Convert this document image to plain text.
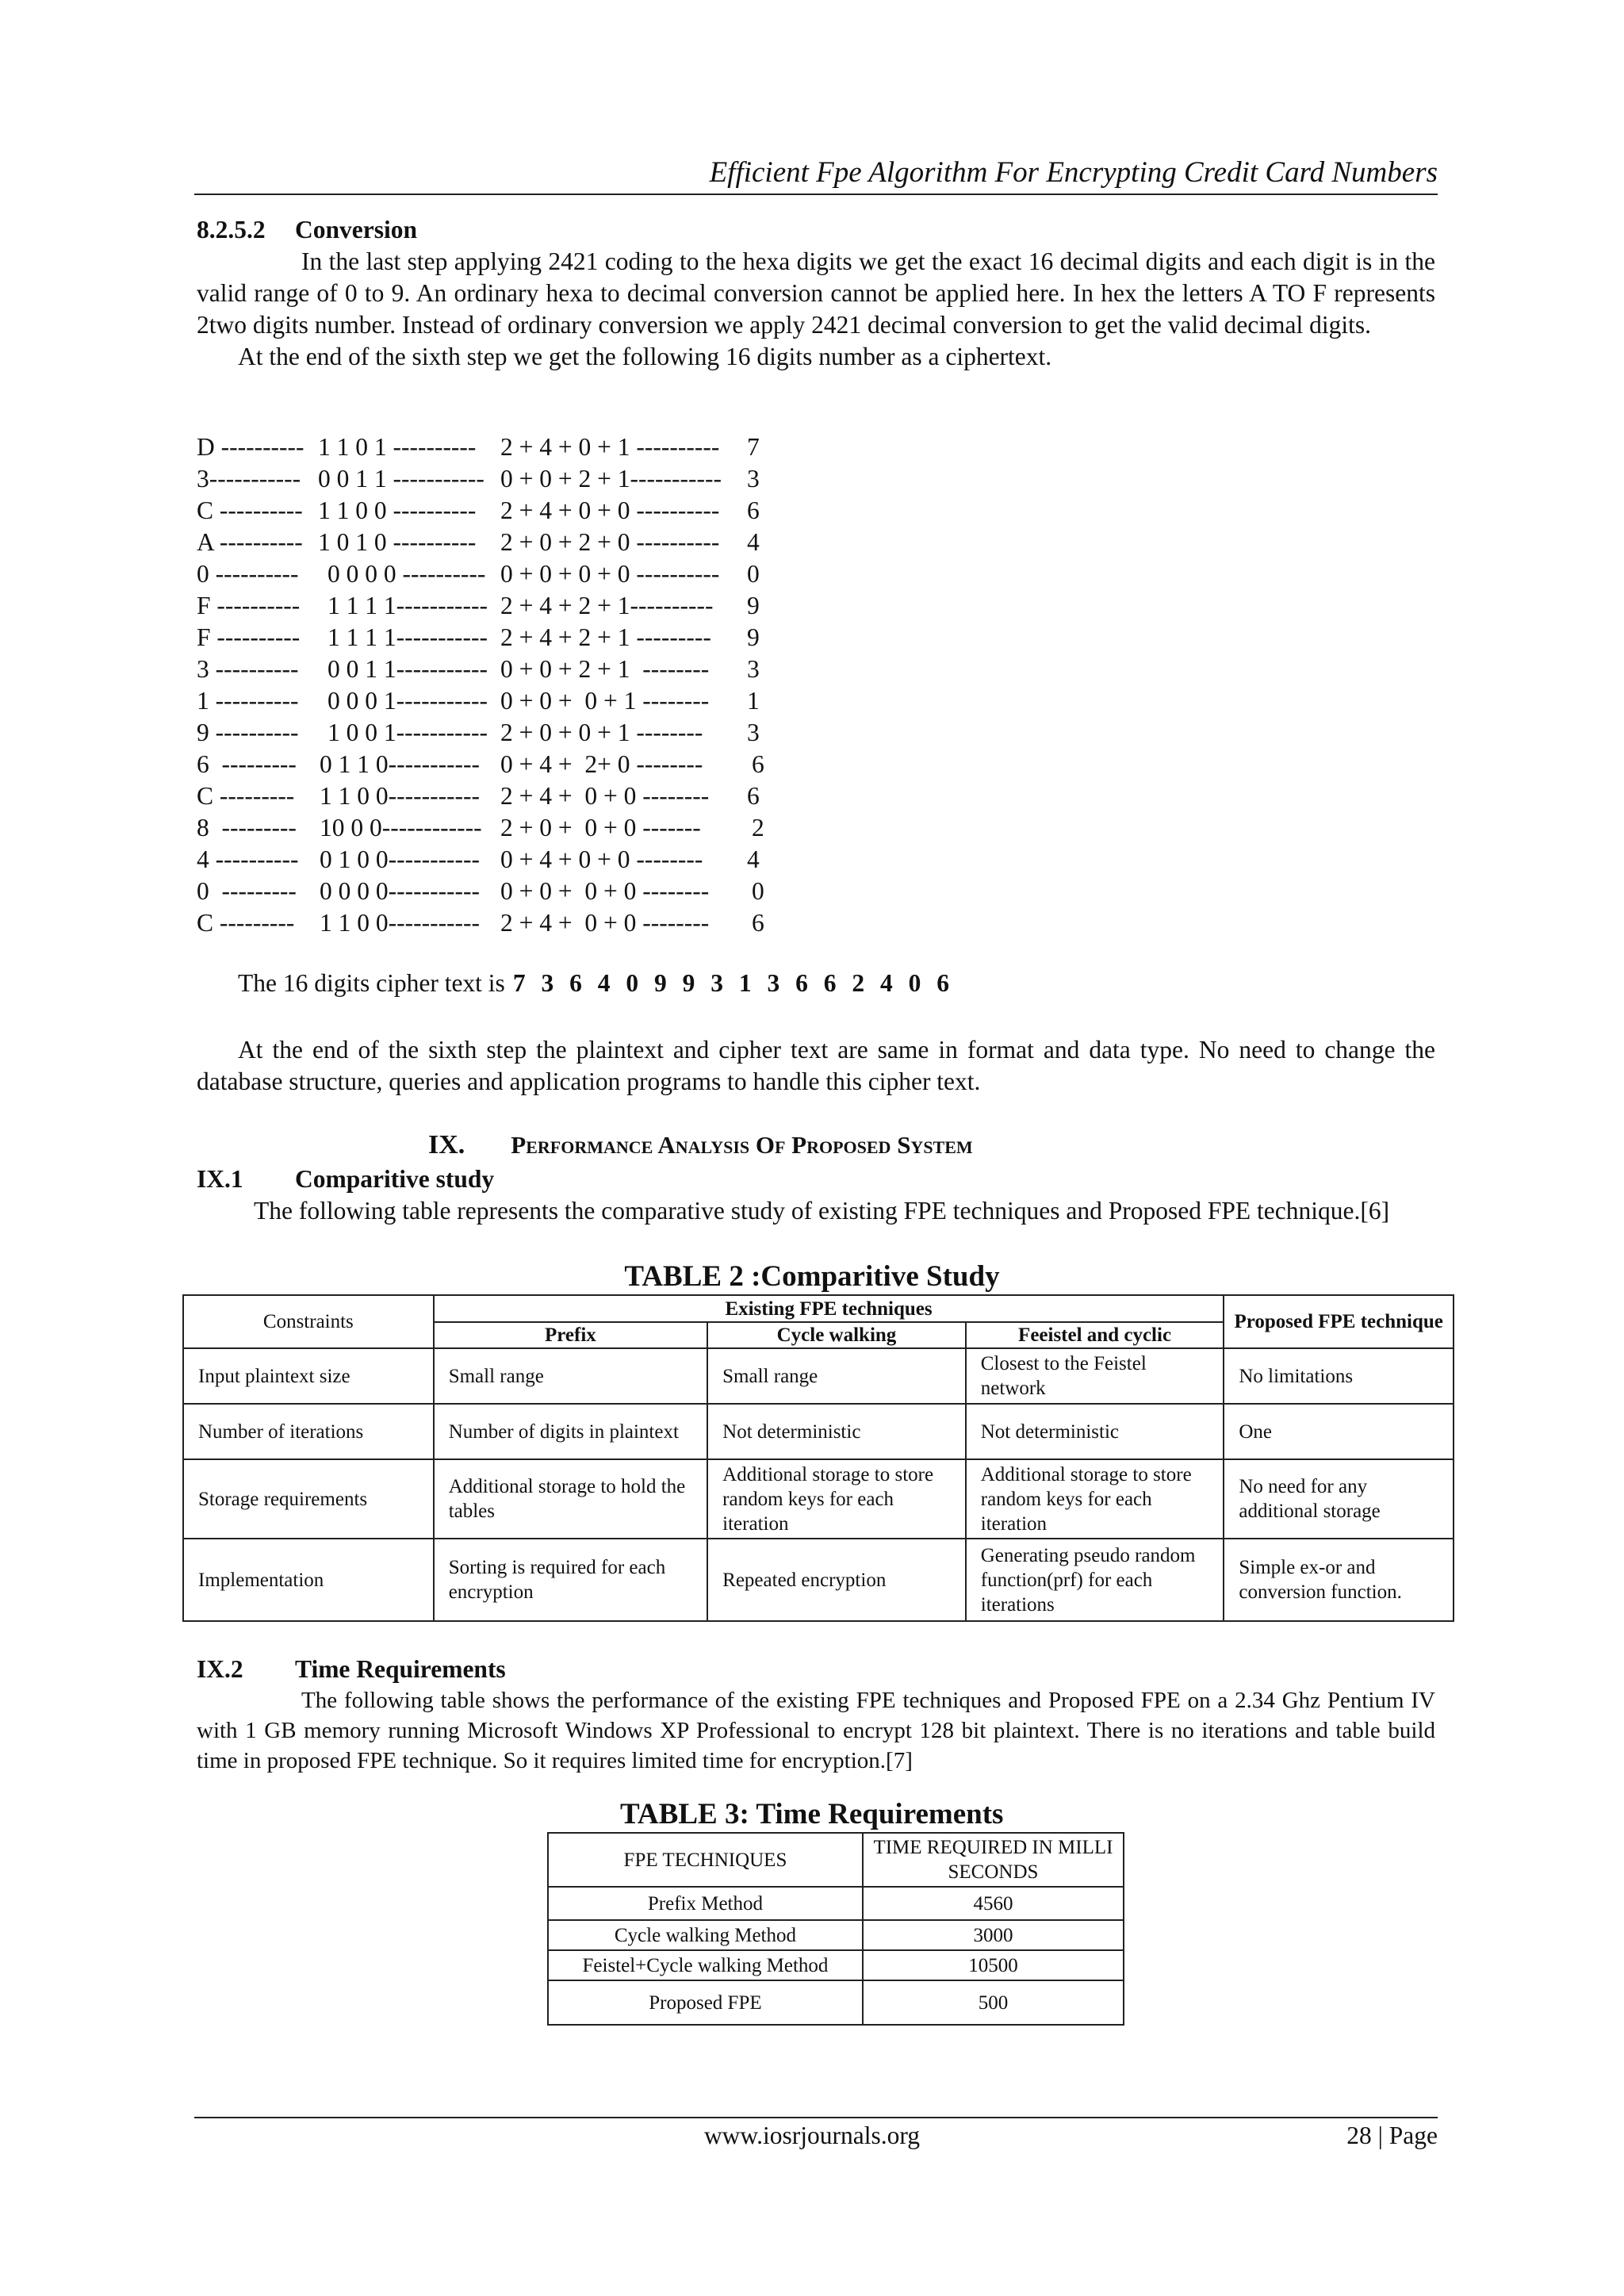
Efficient Fpe Algorithm For Encrypting Credit Card Numbers
8.2.5.2 Conversion

In the last step applying 2421 coding to the hexa digits we get the exact 16 decimal digits and each digit is in the valid range of 0 to 9. An ordinary hexa to decimal conversion cannot be applied here. In hex the letters A TO F represents 2two digits number. Instead of ordinary conversion we apply 2421 decimal conversion to get the valid decimal digits.

At the end of the sixth step we get the following 16 digits number as a ciphertext.

D ---------- 1 1 0 1 ---------- 2 + 4 + 0 + 1 ---------- 7
3----------- 0 0 1 1 ----------- 0 + 0 + 2 + 1----------- 3
C ---------- 1 1 0 0 ---------- 2 + 4 + 0 + 0 ---------- 6
A ---------- 1 0 1 0 ---------- 2 + 0 + 2 + 0 ---------- 4
0 ---------- 0 0 0 0 ---------- 0 + 0 + 0 + 0 ---------- 0
F ---------- 1 1 1 1----------- 2 + 4 + 2 + 1---------- 9
F ---------- 1 1 1 1----------- 2 + 4 + 2 + 1 --------- 9
3 ---------- 0 0 1 1----------- 0 + 0 + 2 + 1  -------- 3
1 ---------- 0 0 0 1----------- 0 + 0 +  0 + 1 -------- 1
9 ---------- 1 0 0 1----------- 2 + 0 + 0 + 1 -------- 3
6  --------- 0 1 1 0----------- 0 + 4 +  2+ 0 -------- 6
C --------- 1 1 0 0----------- 2 + 4 +  0 + 0 -------- 6
8  --------- 10 0 0------------ 2 + 0 +  0 + 0 ------- 2
4 ---------- 0 1 0 0----------- 0 + 4 + 0 + 0 -------- 4
0  --------- 0 0 0 0----------- 0 + 0 +  0 + 0 -------- 0
C --------- 1 1 0 0----------- 2 + 4 +  0 + 0 -------- 6
The 16 digits cipher text is 7 3 6 4 0 9 9 3 1 3 6 6 2 4 0 6

At the end of the sixth step the plaintext and cipher text are same in format and data type. No need to change the database structure, queries and application programs to handle this cipher text.

IX. Performance Analysis Of Proposed System
IX.1 Comparitive study

The following table represents the comparative study of existing FPE techniques and Proposed FPE technique.[6]

TABLE 2 :Comparitive Study
Constraints	Existing FPE techniques			Proposed FPE technique
	Prefix	Cycle walking	Feeistel and cyclic	
Input plaintext size	Small range	Small range	Closest to the Feistel network	No limitations
Number of iterations	Number of digits in plaintext	Not deterministic	Not deterministic	One
Storage requirements	Additional storage to hold the tables	Additional storage to store random keys for each iteration	Additional storage to store random keys for each iteration	No need for any additional storage
Implementation	Sorting is required for each encryption	Repeated encryption	Generating pseudo random function(prf) for each iterations	Simple ex-or and conversion function.
IX.2 Time Requirements

The following table shows the performance of the existing FPE techniques and Proposed FPE on a 2.34 Ghz Pentium IV with 1 GB memory running Microsoft Windows XP Professional to encrypt 128 bit plaintext. There is no iterations and table build time in proposed FPE technique. So it requires limited time for encryption.[7]

TABLE 3: Time Requirements
FPE TECHNIQUES	TIME REQUIRED IN MILLI SECONDS
Prefix Method	4560
Cycle walking Method	3000
Feistel+Cycle walking Method	10500
Proposed FPE	500
www.iosrjournals.org	28 | Page
